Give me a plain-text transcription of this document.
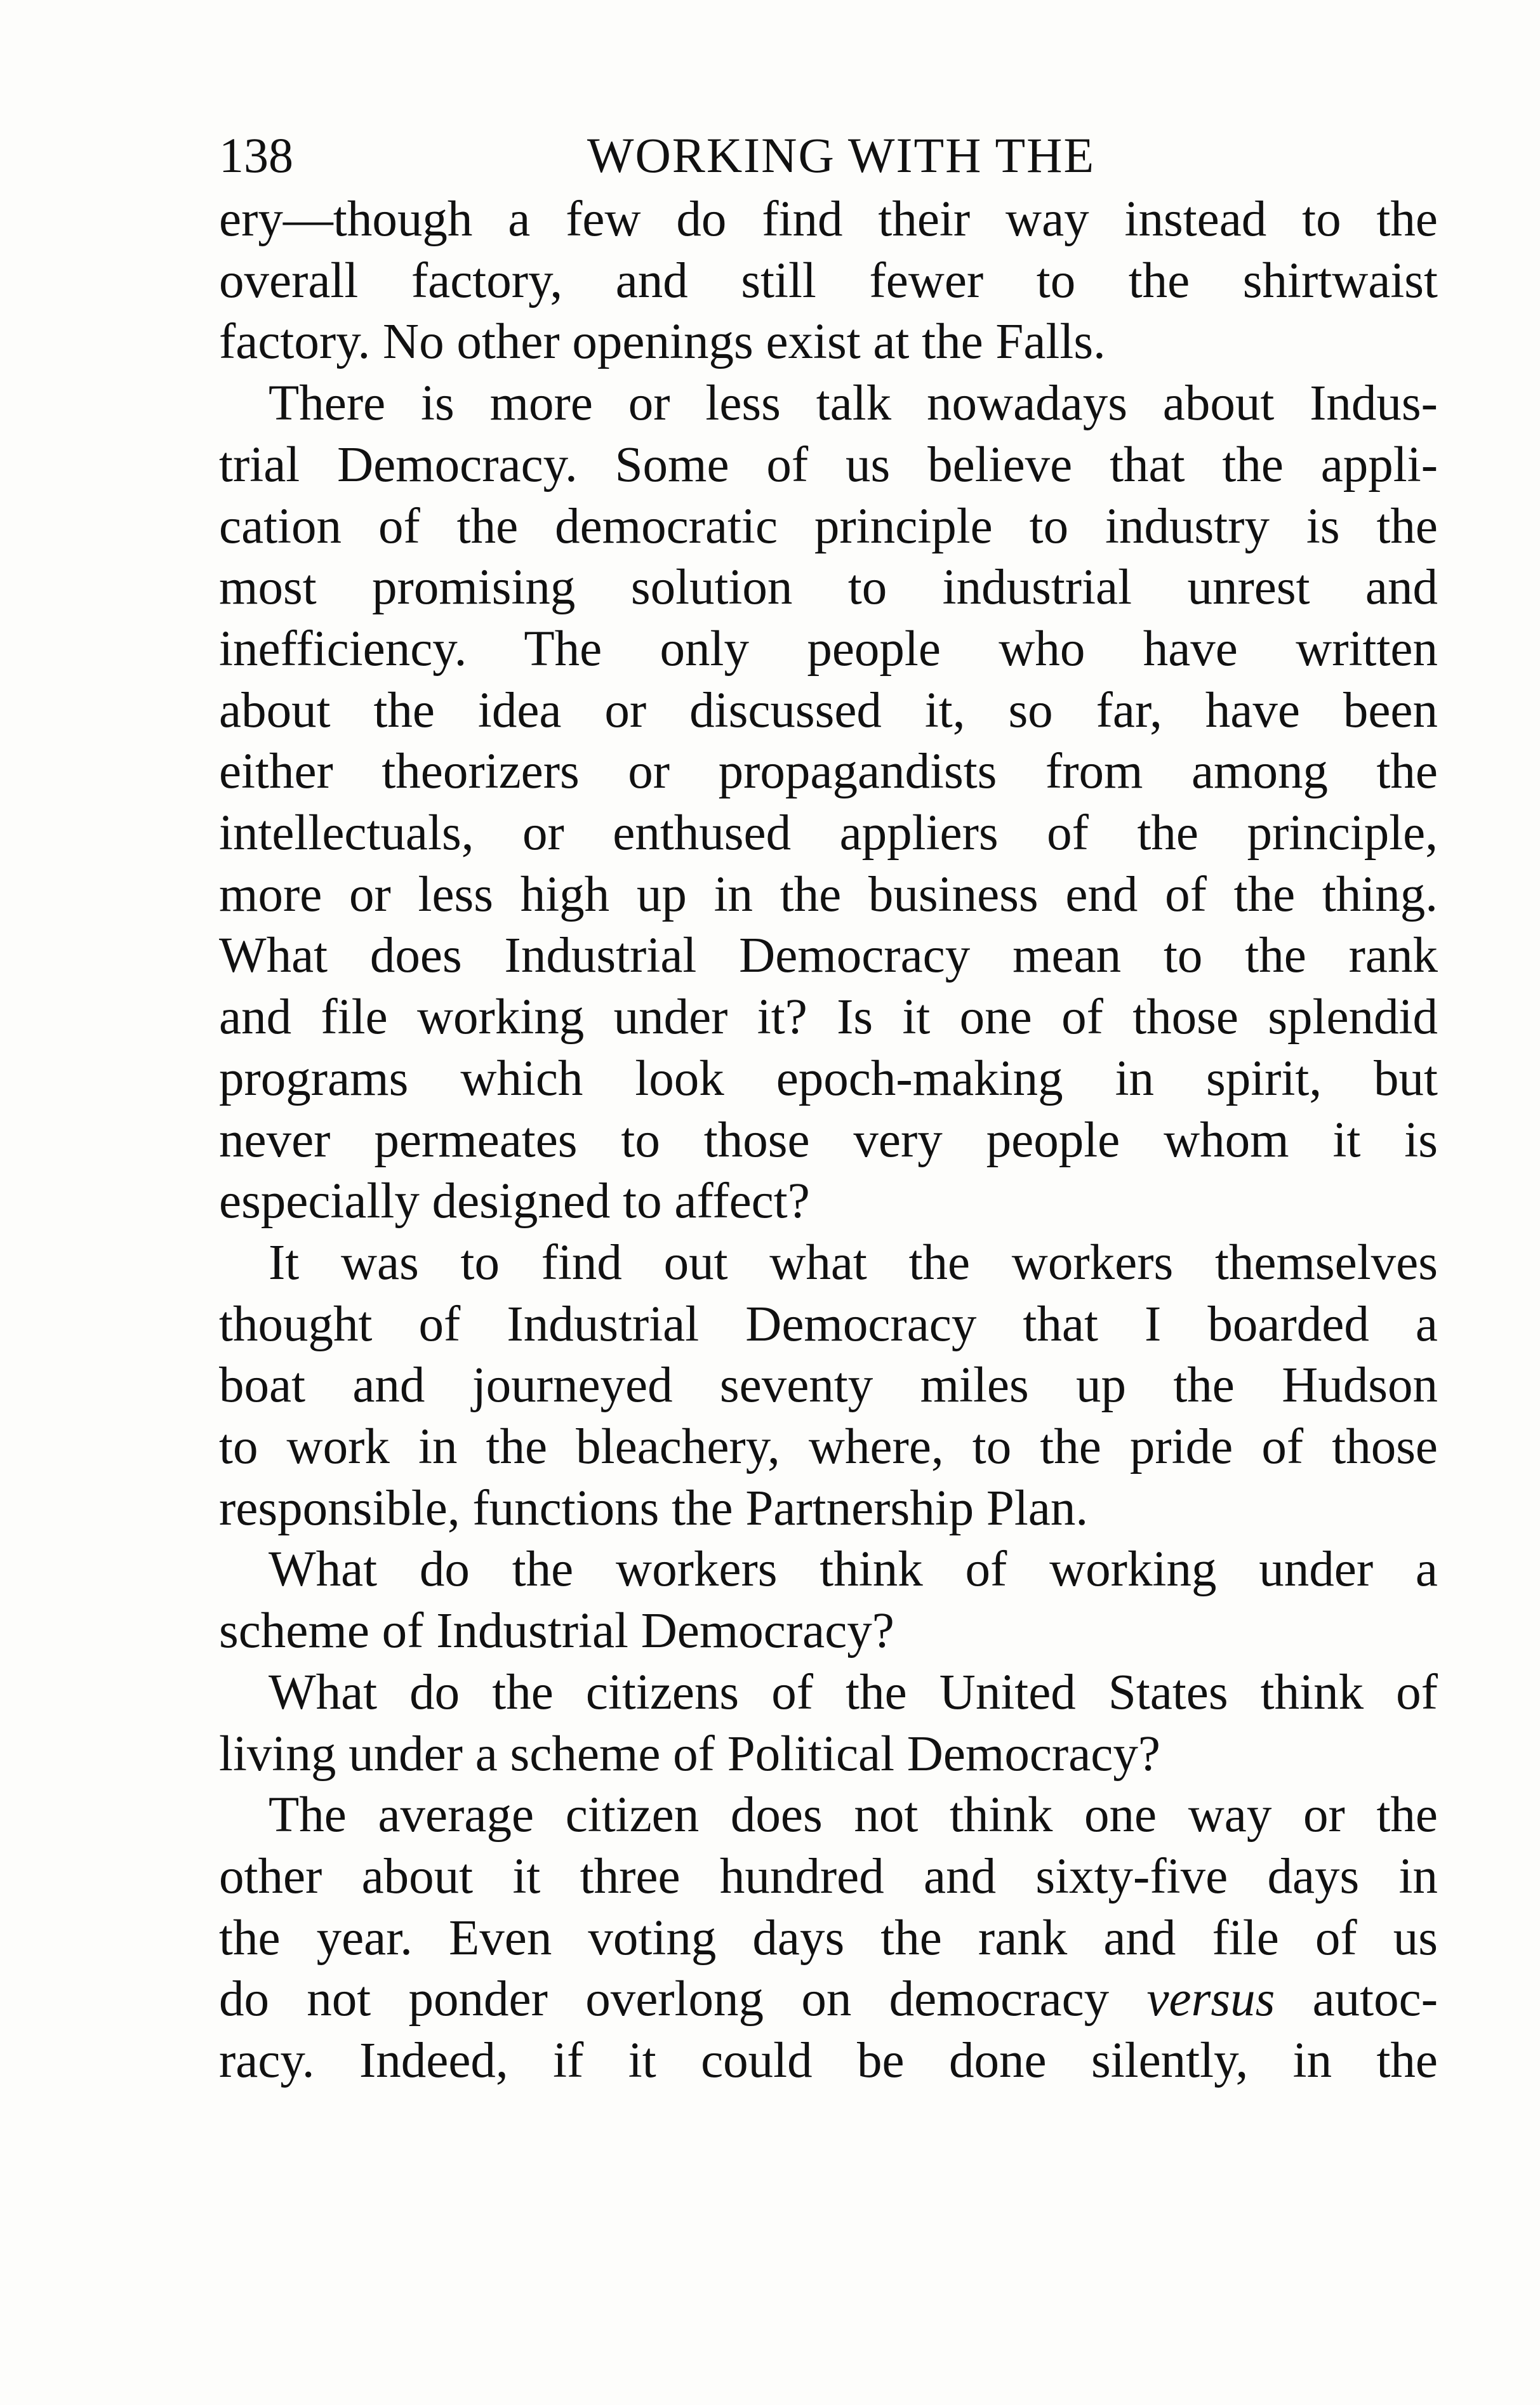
138	WORKING WITH THE
ery—though a few do find their way instead to the
overall factory, and still fewer to the shirtwaist
factory. No other openings exist at the Falls.
There is more or less talk nowadays about Indus-
trial Democracy. Some of us believe that the appli-
cation of the democratic principle to industry is the
most promising solution to industrial unrest and
inefficiency. The only people who have written
about the idea or discussed it, so far, have been
either theorizers or propagandists from among the
intellectuals, or enthused appliers of the principle,
more or less high up in the business end of the thing.
What does Industrial Democracy mean to the rank
and file working under it? Is it one of those splendid
programs which look epoch-making in spirit, but
never permeates to those very people whom it is
especially designed to affect?
It was to find out what the workers themselves
thought of Industrial Democracy that I boarded a
boat and journeyed seventy miles up the Hudson
to work in the bleachery, where, to the pride of those
responsible, functions the Partnership Plan.
What do the workers think of working under a
scheme of Industrial Democracy?
What do the citizens of the United States think of
living under a scheme of Political Democracy?
The average citizen does not think one way or the
other about it three hundred and sixty-five days in
the year. Even voting days the rank and file of us
do not ponder overlong on democracy versus autoc-
racy. Indeed, if it could be done silently, in the
